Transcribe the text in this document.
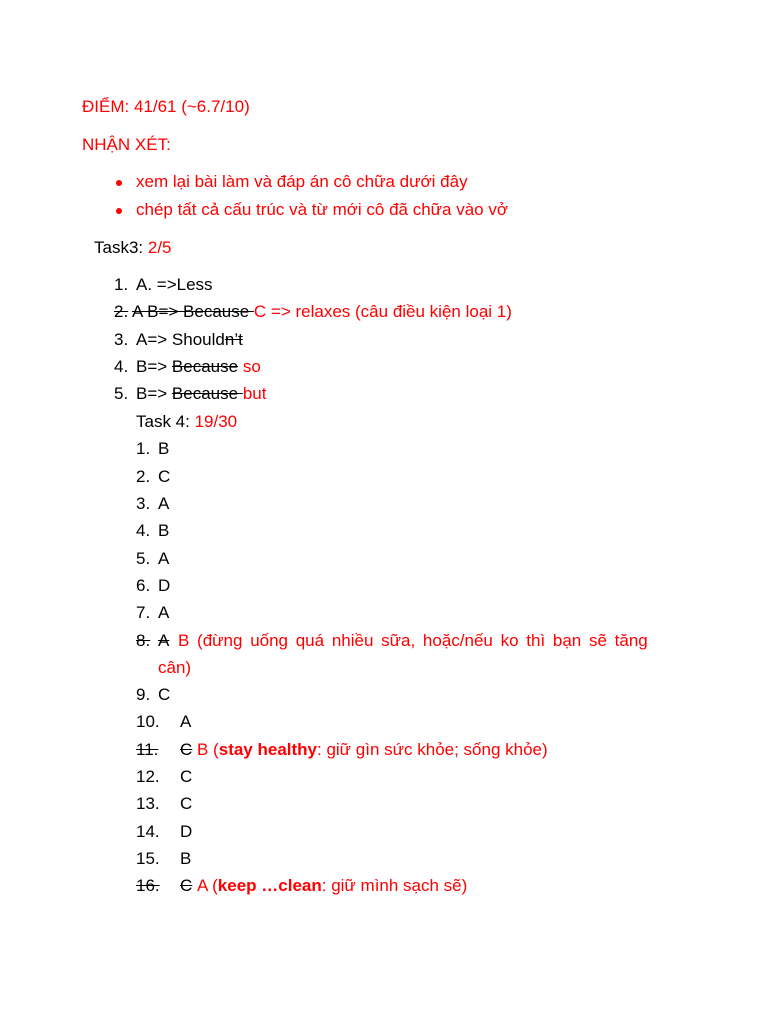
ĐIỂM: 41/61 (~6.7/10)
NHẬN XÉT:
xem lại bài làm và đáp án cô chữa dưới đây
chép tất cả cấu trúc và từ mới cô đã chữa vào vở
Task3: 2/5
1. A. =>Less
2. A B=> Because C => relaxes (câu điều kiện loại 1)
3. A=> Shouldn’t
4. B=> Because so
5. B=> Because but
Task 4: 19/30
1. B
2. C
3. A
4. B
5. A
6. D
7. A
8. A B (đừng uống quá nhiều sữa, hoặc/nếu ko thì bạn sẽ tăng
cân)
9. C
10. A
11. C B (stay healthy: giữ gìn sức khỏe; sống khỏe)
12. C
13. C
14. D
15. B
16. C A (keep …clean: giữ mình sạch sẽ)
